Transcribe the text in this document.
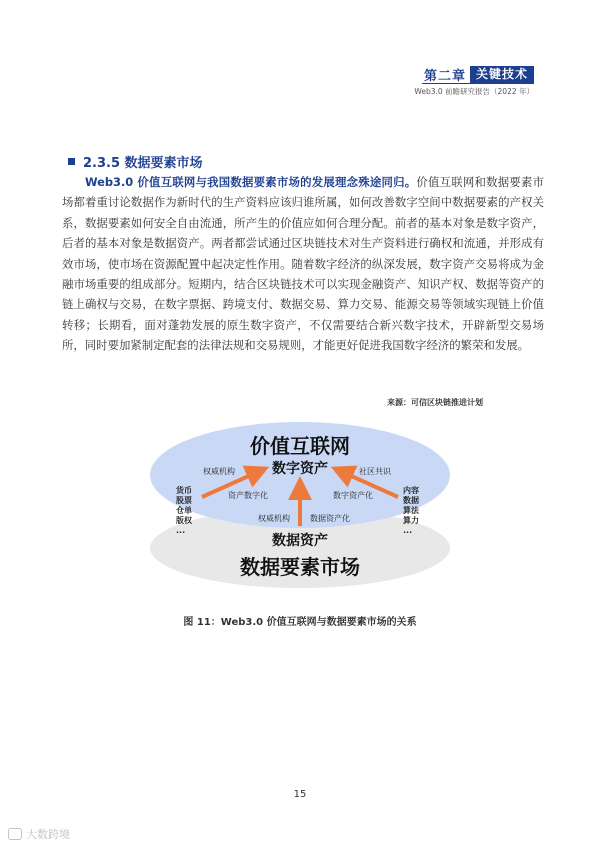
第二章 关键技术
Web3.0 前瞻研究报告（2022 年）
2.3.5 数据要素市场

Web3.0 价值互联网与我国数据要素市场的发展理念殊途同归。价值互联网和数据要素市场都着重讨论数据作为新时代的生产资料应该归谁所属，如何改善数字空间中数据要素的产权关系，数据要素如何安全自由流通，所产生的价值应如何合理分配。前者的基本对象是数字资产，后者的基本对象是数据资产。两者都尝试通过区块链技术对生产资料进行确权和流通，并形成有效市场，使市场在资源配置中起决定性作用。随着数字经济的纵深发展，数字资产交易将成为金融市场重要的组成部分。短期内，结合区块链技术可以实现金融资产、知识产权、数据等资产的链上确权与交易，在数字票据、跨境支付、数据交易、算力交易、能源交易等领域实现链上价值转移；长期看，面对蓬勃发展的原生数字资产，不仅需要结合新兴数字技术，开辟新型交易场所，同时要加紧制定配套的法律法规和交易规则，才能更好促进我国数字经济的繁荣和发展。

来源：可信区块链推进计划
价值互联网
数字资产
权威机构	社区共识
资产数字化	数字资产化
权威机构	数据资产化
货币
股票
仓单
版权
...
内容
数据
算法
算力
...
数据资产
数据要素市场
图 11：Web3.0 价值互联网与数据要素市场的关系
15
大数跨境
